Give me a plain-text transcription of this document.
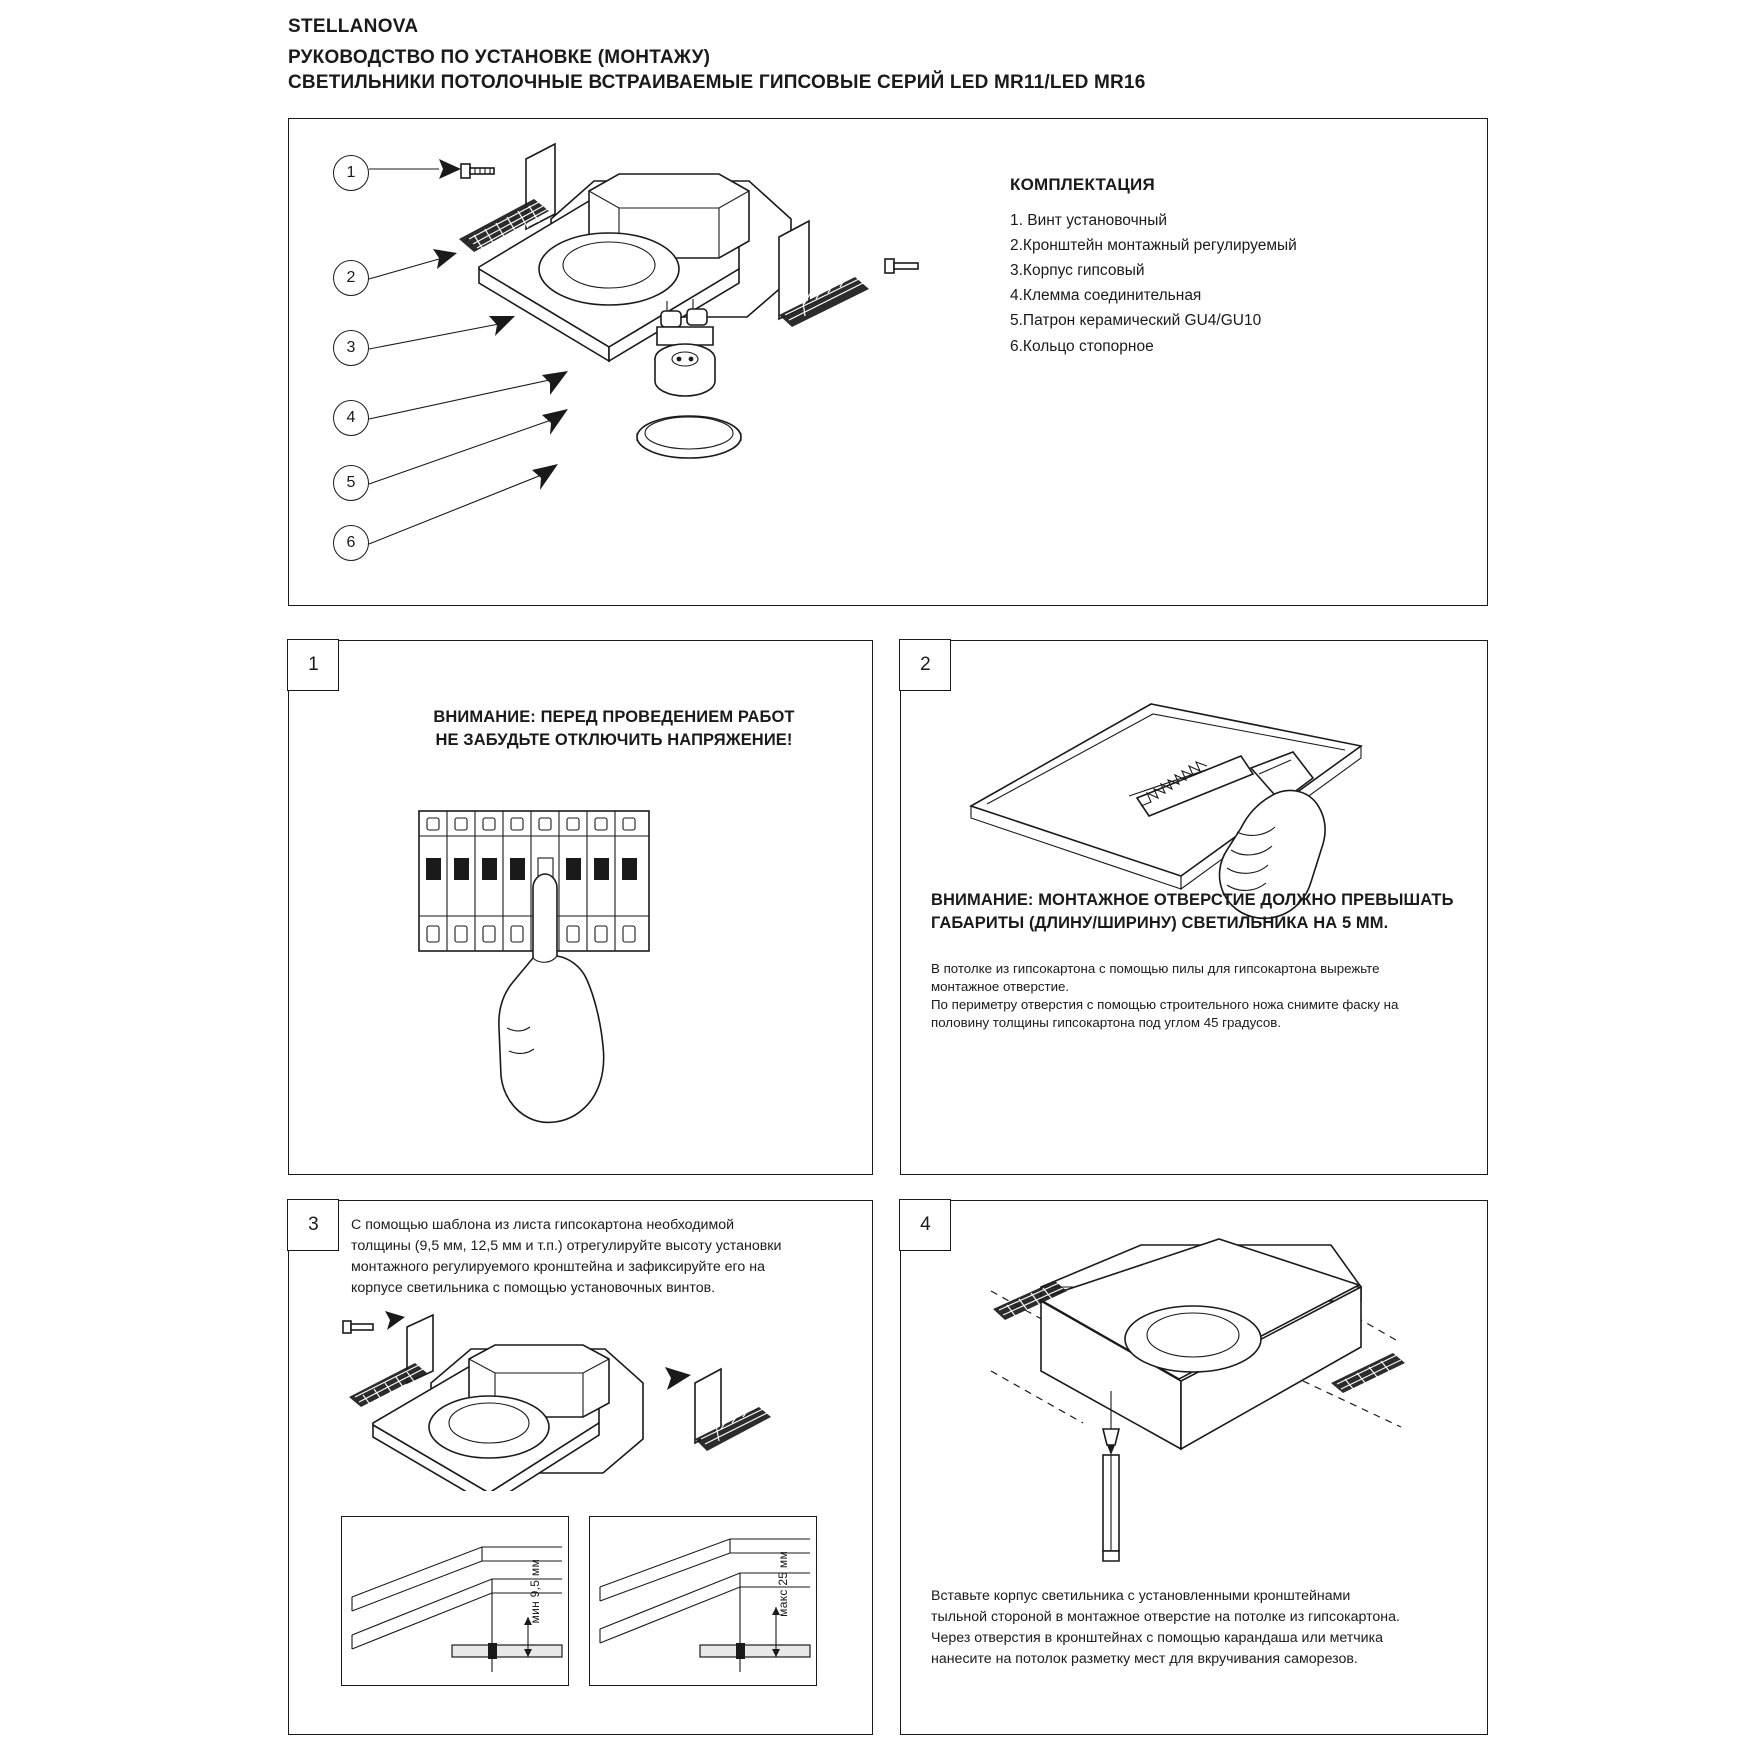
STELLANOVA
РУКОВОДСТВО ПО УСТАНОВКЕ (МОНТАЖУ)
СВЕТИЛЬНИКИ ПОТОЛОЧНЫЕ ВСТРАИВАЕМЫЕ ГИПСОВЫЕ СЕРИЙ LED MR11/LED MR16
1
2
3
4
5
6
КОМПЛЕКТАЦИЯ
1. Винт установочный
2.Кронштейн монтажный регулируемый
3.Корпус гипсовый
4.Клемма соединительная
5.Патрон керамический GU4/GU10
6.Кольцо стопорное
1
ВНИМАНИЕ: ПЕРЕД ПРОВЕДЕНИЕМ РАБОТ
НЕ ЗАБУДЬТЕ ОТКЛЮЧИТЬ НАПРЯЖЕНИЕ!
2
ВНИМАНИЕ: МОНТАЖНОЕ ОТВЕРСТИЕ ДОЛЖНО ПРЕВЫШАТЬ
ГАБАРИТЫ (ДЛИНУ/ШИРИНУ) СВЕТИЛЬНИКА НА 5 ММ.
В потолке из гипсокартона с помощью пилы для гипсокартона вырежьте
монтажное отверстие.
По периметру отверстия с помощью строительного ножа снимите фаску на
половину толщины гипсокартона под углом 45 градусов.
3	С помощью шаблона из листа гипсокартона необходимой
толщины (9,5 мм, 12,5 мм и т.п.) отрегулируйте высоту установки
монтажного регулируемого кронштейна и зафиксируйте его на
корпусе светильника с помощью установочных винтов.
мин 9,5 мм	макс 25 мм
4
Вставьте корпус светильника с установленными кронштейнами
тыльной стороной в монтажное отверстие на потолке из гипсокартона.
Через отверстия в кронштейнах с помощью карандаша или метчика
нанесите на потолок разметку мест для вкручивания саморезов.
